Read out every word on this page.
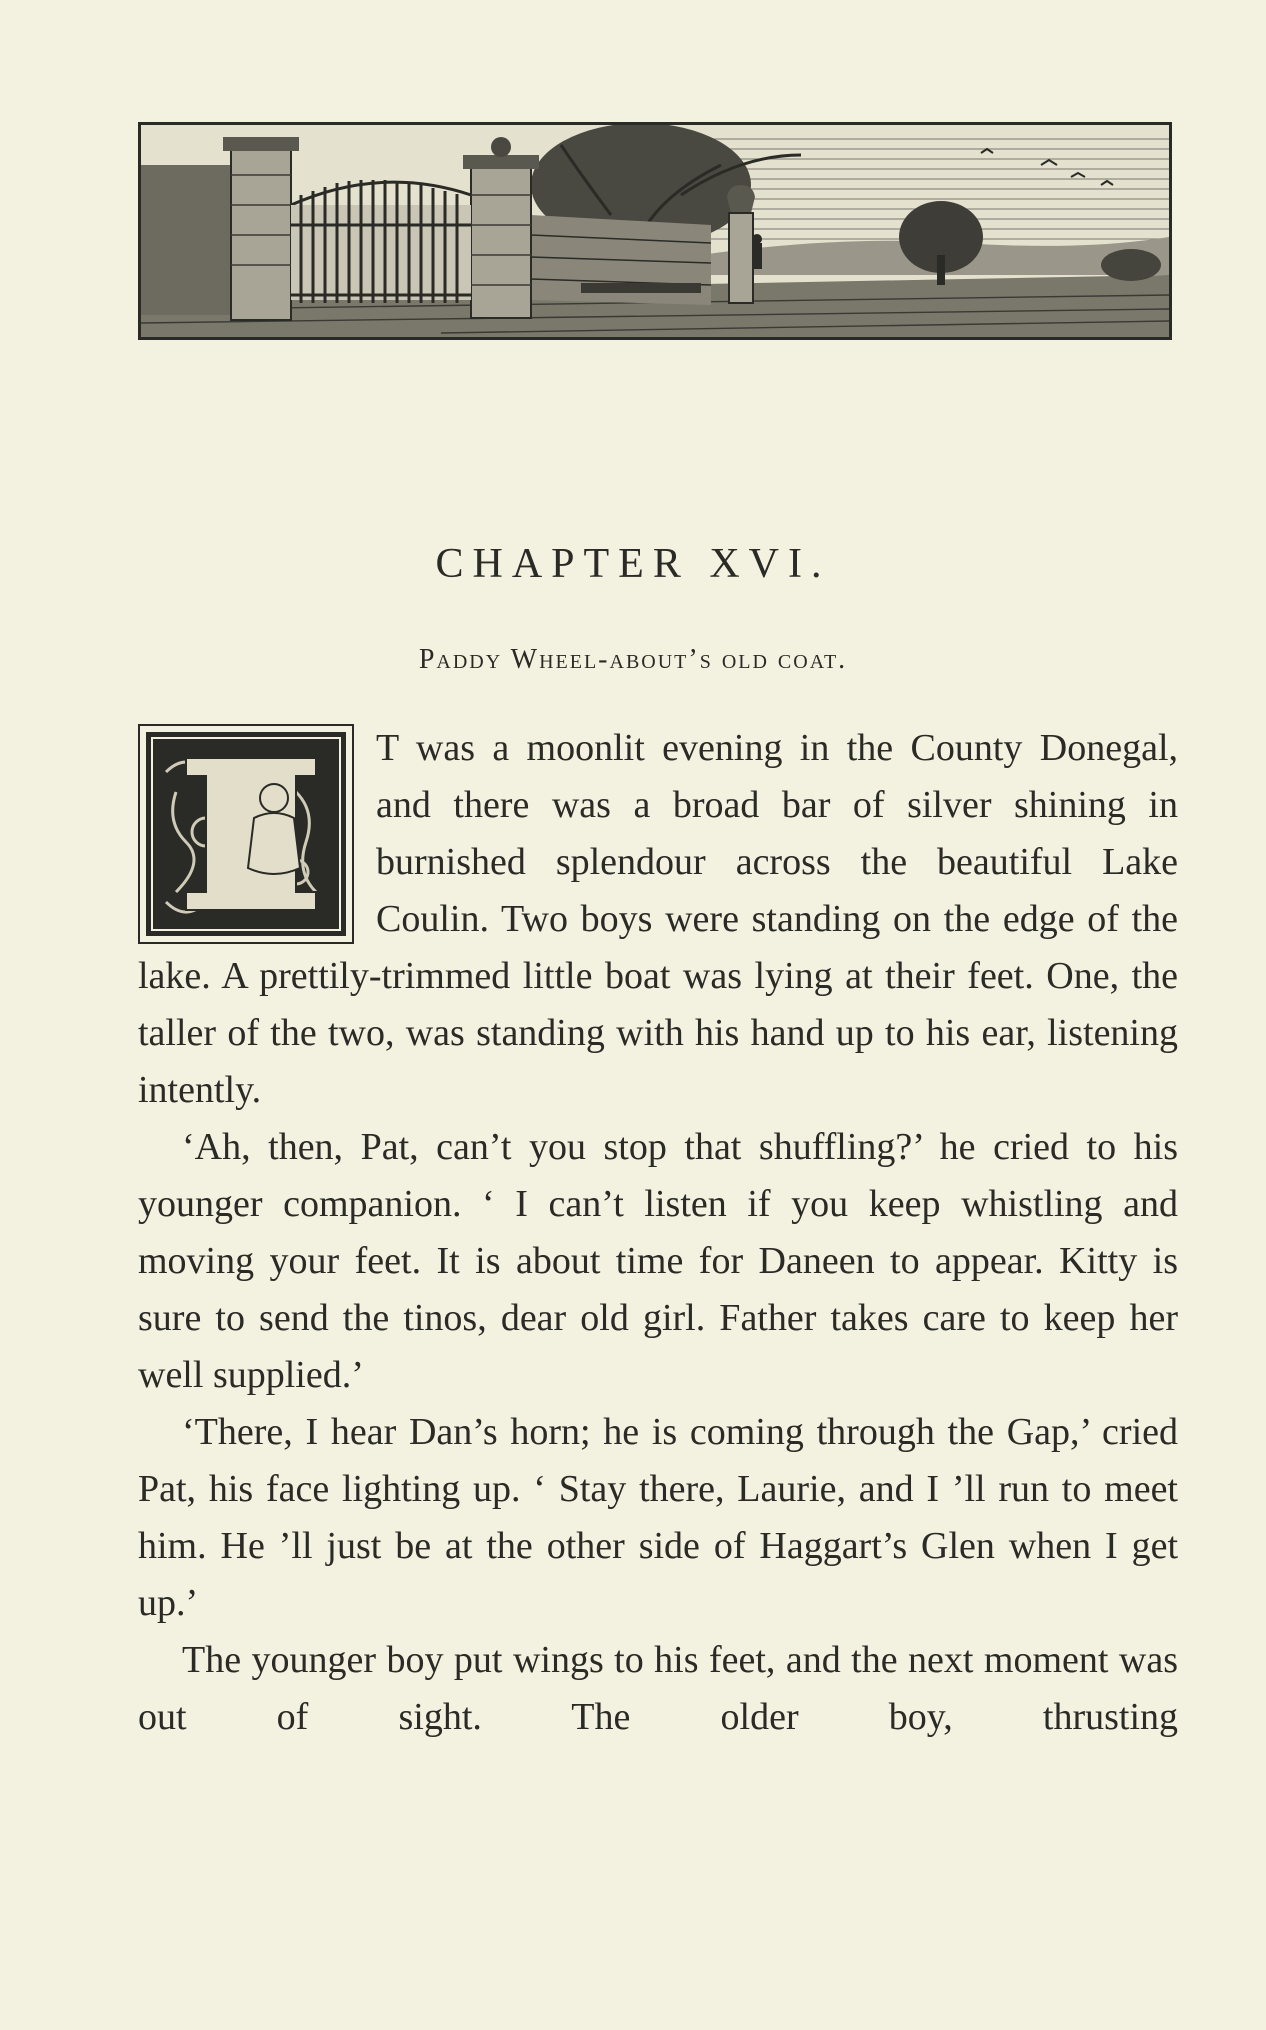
CHAPTER XVI.
Paddy Wheel-about’s old coat.

T was a moonlit evening in the County Donegal, and there was a broad bar of silver shining in burnished splendour across the beautiful Lake Coulin. Two boys were standing on the edge of the lake. A prettily-trimmed little boat was lying at their feet. One, the taller of the two, was standing with his hand up to his ear, listening intently.

‘Ah, then, Pat, can’t you stop that shuffling?’ he cried to his younger companion. ‘ I can’t listen if you keep whistling and moving your feet. It is about time for Daneen to appear. Kitty is sure to send the tinos, dear old girl. Father takes care to keep her well supplied.’

‘There, I hear Dan’s horn; he is coming through the Gap,’ cried Pat, his face lighting up. ‘ Stay there, Laurie, and I ’ll run to meet him. He ’ll just be at the other side of Haggart’s Glen when I get up.’

The younger boy put wings to his feet, and the next moment was out of sight. The older boy, thrusting
